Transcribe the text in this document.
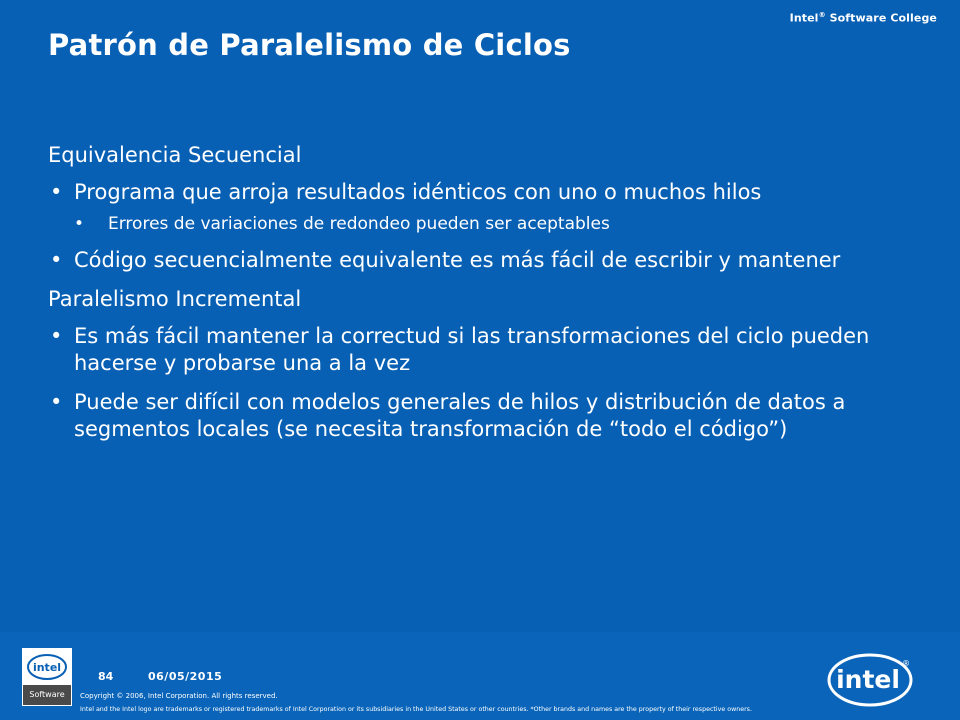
Intel® Software College
Patrón de Paralelismo de Ciclos
Equivalencia Secuencial
• Programa que arroja resultados idénticos con uno o muchos hilos
• Errores de variaciones de redondeo pueden ser aceptables
• Código secuencialmente equivalente es más fácil de escribir y mantener
Paralelismo Incremental
• Es más fácil mantener la correctud si las transformaciones del ciclo pueden hacerse y probarse una a la vez
• Puede ser difícil con modelos generales de hilos y distribución de datos a segmentos locales (se necesita transformación de “todo el código”)
intel
Software
84	06/05/2015
Copyright © 2006, Intel Corporation. All rights reserved.
Intel and the Intel logo are trademarks or registered trademarks of Intel Corporation or its subsidiaries in the United States or other countries. *Other brands and names are the property of their respective owners.
intel
®
